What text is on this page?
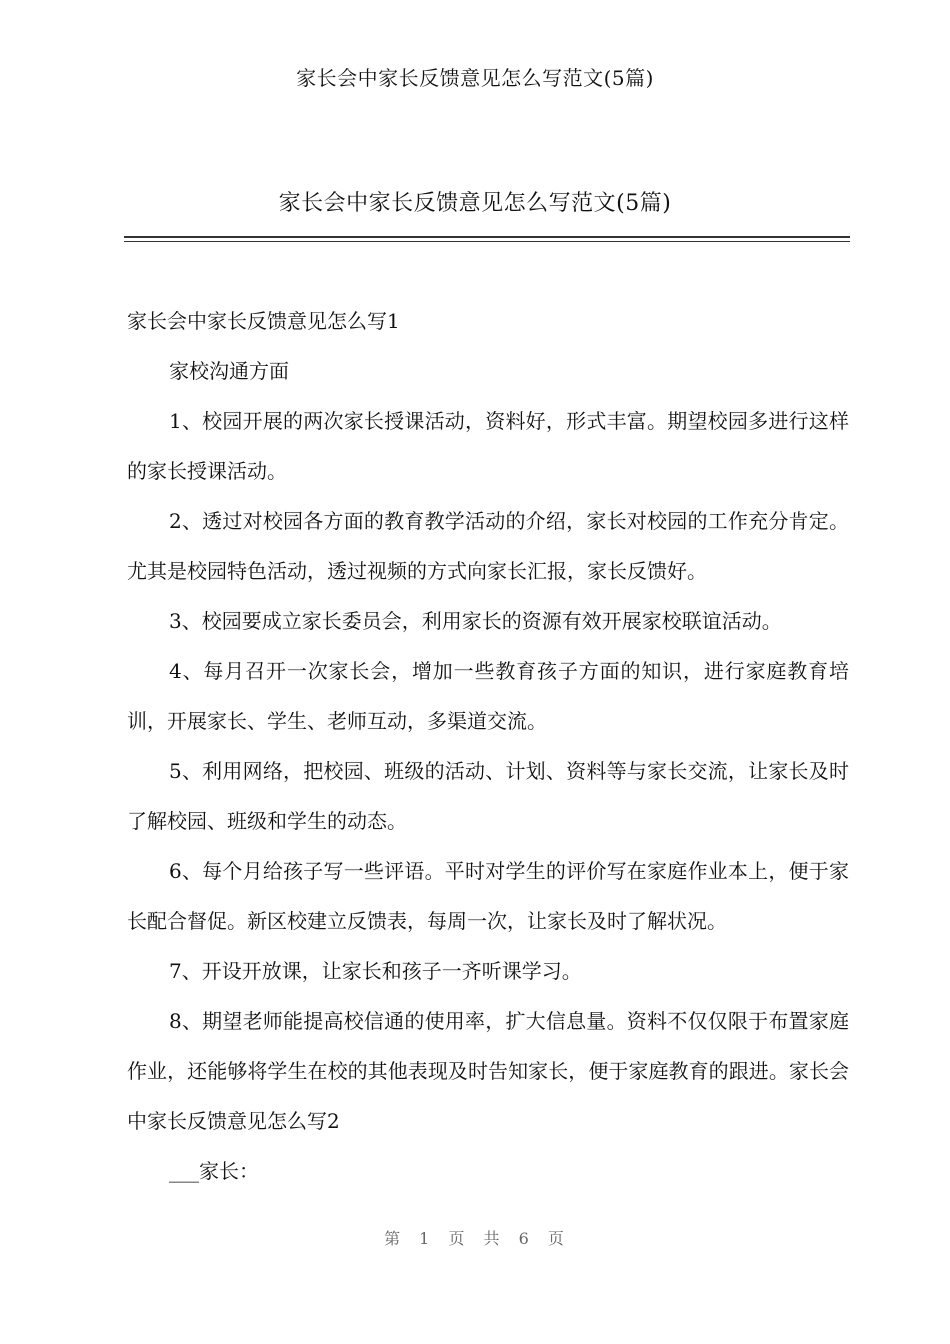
家长会中家长反馈意见怎么写范文(5篇)
家长会中家长反馈意见怎么写范文(5篇)

家长会中家长反馈意见怎么写1

家校沟通方面

1、校园开展的两次家长授课活动，资料好，形式丰富。期望校园多进行这样的家长授课活动。

2、透过对校园各方面的教育教学活动的介绍，家长对校园的工作充分肯定。尤其是校园特色活动，透过视频的方式向家长汇报，家长反馈好。

3、校园要成立家长委员会，利用家长的资源有效开展家校联谊活动。

4、每月召开一次家长会，增加一些教育孩子方面的知识，进行家庭教育培训，开展家长、学生、老师互动，多渠道交流。

5、利用网络，把校园、班级的活动、计划、资料等与家长交流，让家长及时了解校园、班级和学生的动态。

6、每个月给孩子写一些评语。平时对学生的评价写在家庭作业本上，便于家长配合督促。新区校建立反馈表，每周一次，让家长及时了解状况。

7、开设开放课，让家长和孩子一齐听课学习。

8、期望老师能提高校信通的使用率，扩大信息量。资料不仅仅限于布置家庭作业，还能够将学生在校的其他表现及时告知家长，便于家庭教育的跟进。家长会中家长反馈意见怎么写2

___家长：

第 1 页 共 6 页
